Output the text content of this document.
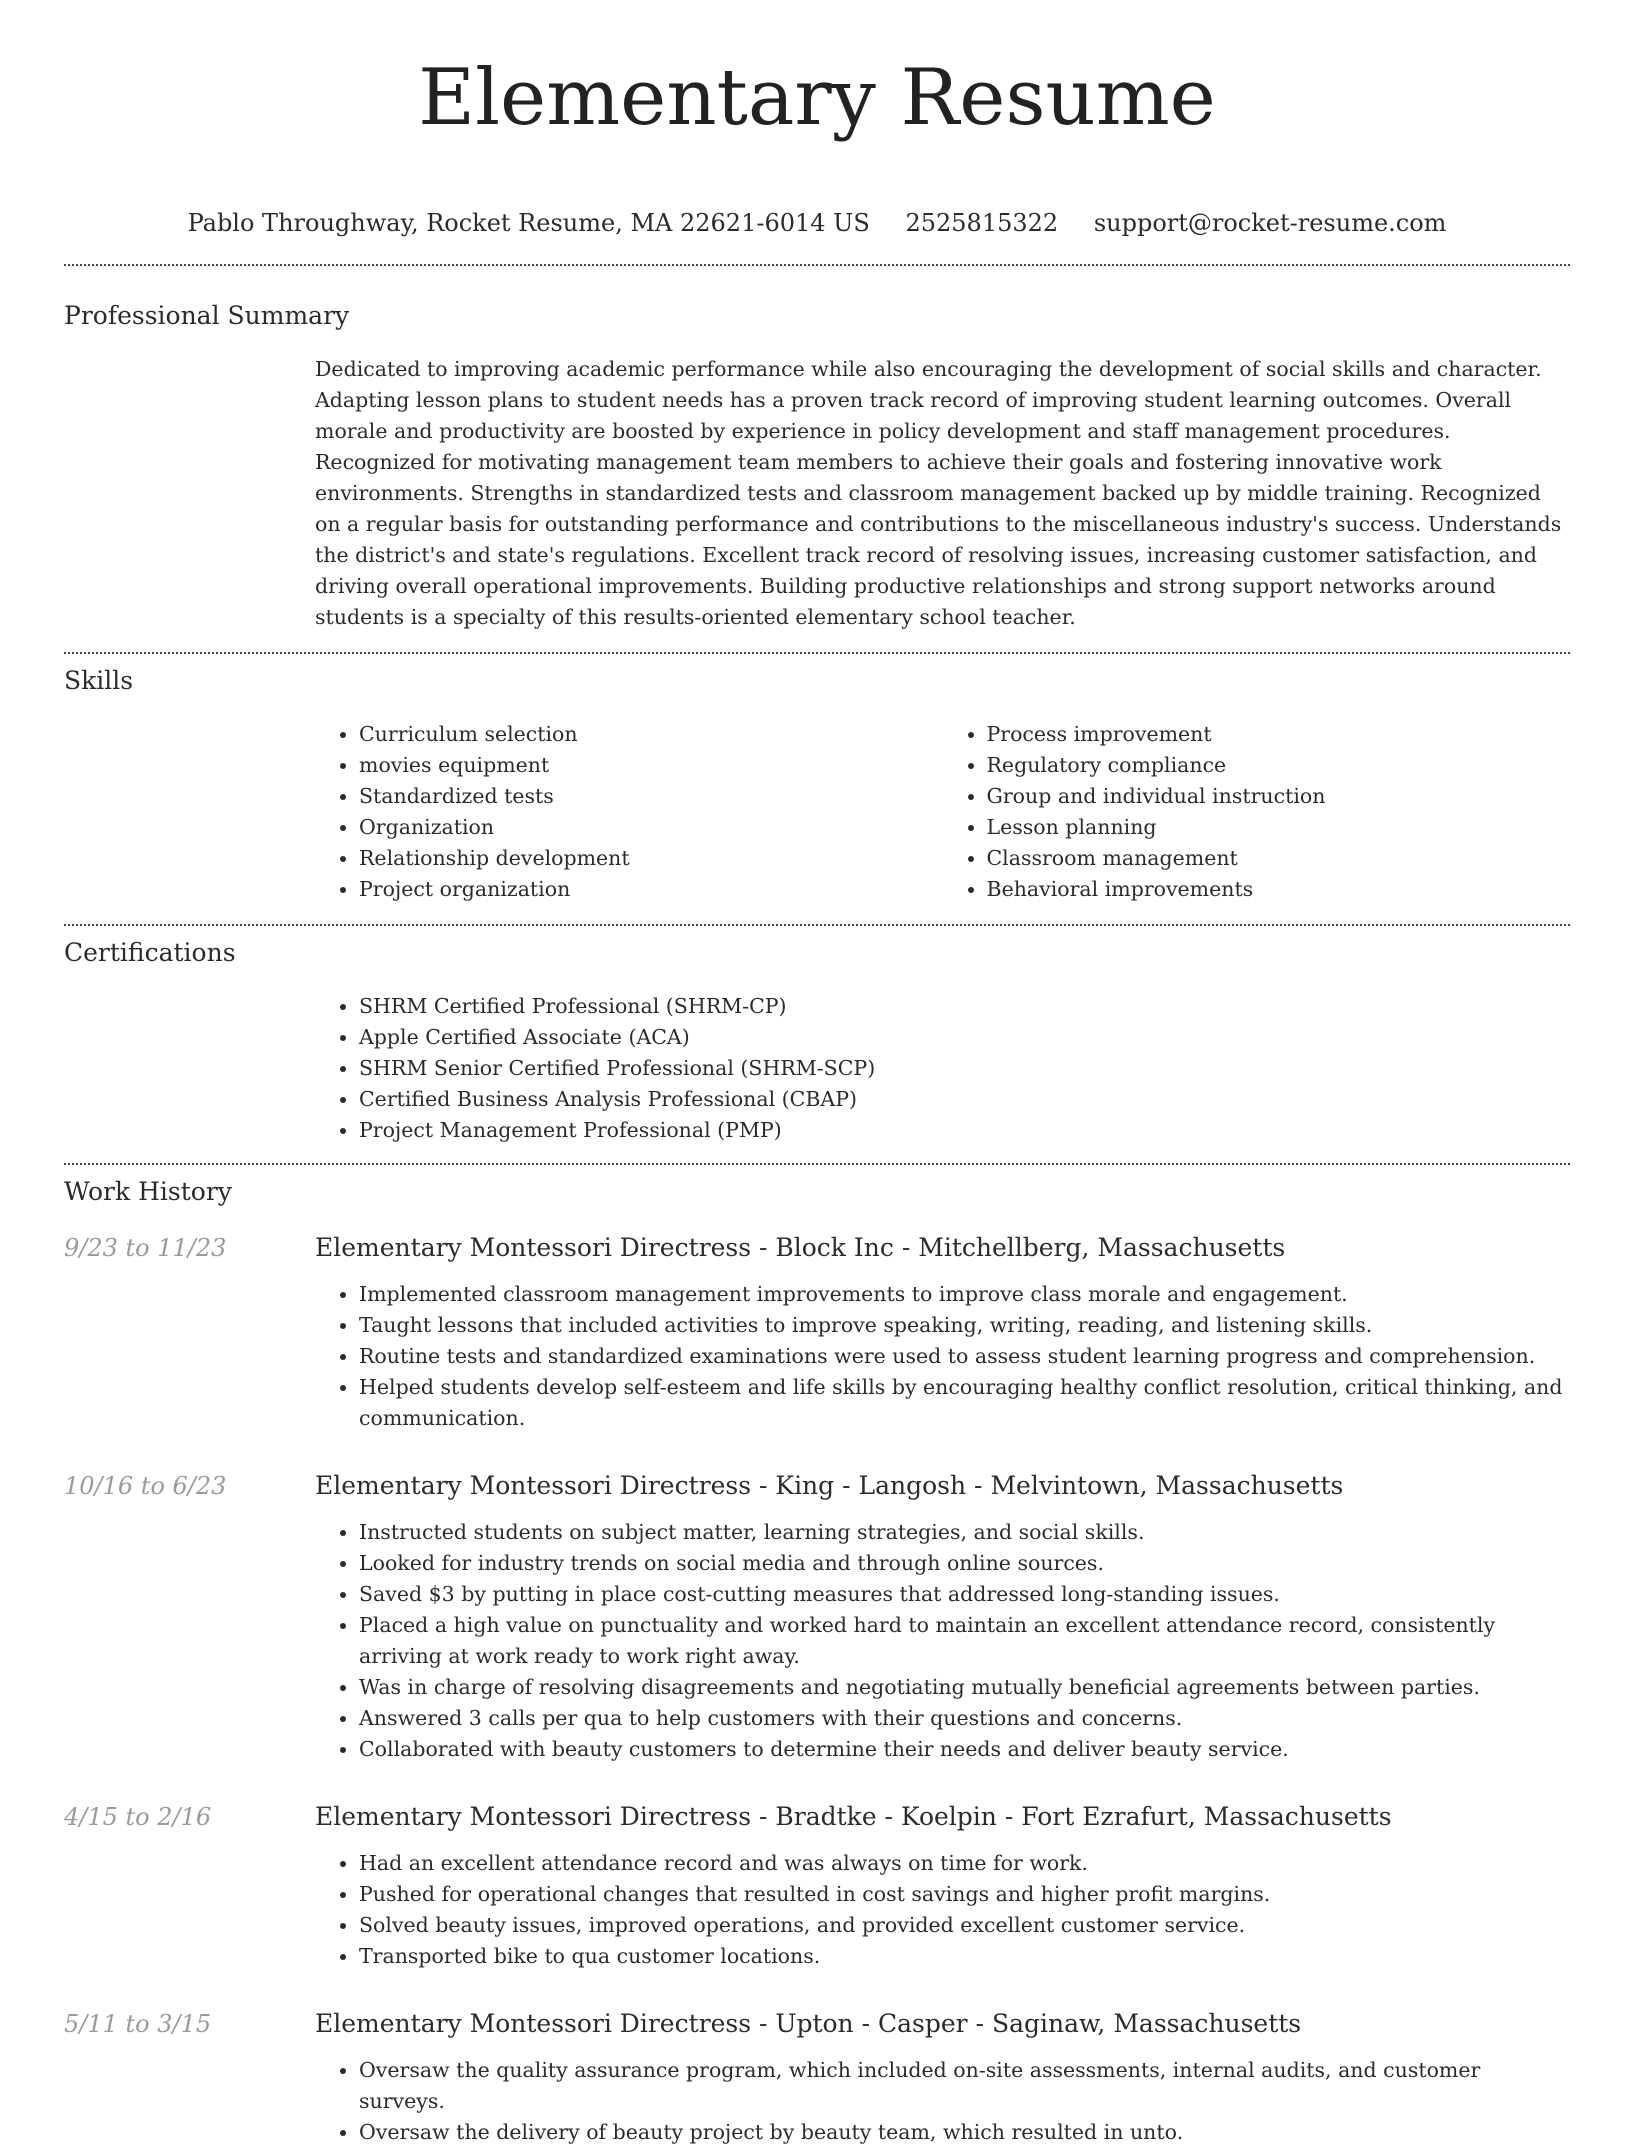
Elementary Resume
Pablo Throughway, Rocket Resume, MA 22621-6014 US 2525815322 support@rocket-resume.com
Professional Summary

Dedicated to improving academic performance while also encouraging the development of social skills and character. Adapting lesson plans to student needs has a proven track record of improving student learning outcomes. Overall morale and productivity are boosted by experience in policy development and staff management procedures. Recognized for motivating management team members to achieve their goals and fostering innovative work environments. Strengths in standardized tests and classroom management backed up by middle training. Recognized on a regular basis for outstanding performance and contributions to the miscellaneous industry's success. Understands the district's and state's regulations. Excellent track record of resolving issues, increasing customer satisfaction, and driving overall operational improvements. Building productive relationships and strong support networks around students is a specialty of this results-oriented elementary school teacher.

Skills
• Curriculum selection
• movies equipment
• Standardized tests
• Organization
• Relationship development
• Project organization
• Process improvement
• Regulatory compliance
• Group and individual instruction
• Lesson planning
• Classroom management
• Behavioral improvements
Certifications
• SHRM Certified Professional (SHRM-CP)
• Apple Certified Associate (ACA)
• SHRM Senior Certified Professional (SHRM-SCP)
• Certified Business Analysis Professional (CBAP)
• Project Management Professional (PMP)
Work History
9/23 to 11/23	Elementary Montessori Directress - Block Inc - Mitchellberg, Massachusetts
• Implemented classroom management improvements to improve class morale and engagement.
• Taught lessons that included activities to improve speaking, writing, reading, and listening skills.
• Routine tests and standardized examinations were used to assess student learning progress and comprehension.
• Helped students develop self-esteem and life skills by encouraging healthy conflict resolution, critical thinking, and communication.
10/16 to 6/23	Elementary Montessori Directress - King - Langosh - Melvintown, Massachusetts
• Instructed students on subject matter, learning strategies, and social skills.
• Looked for industry trends on social media and through online sources.
• Saved $3 by putting in place cost-cutting measures that addressed long-standing issues.
• Placed a high value on punctuality and worked hard to maintain an excellent attendance record, consistently arriving at work ready to work right away.
• Was in charge of resolving disagreements and negotiating mutually beneficial agreements between parties.
• Answered 3 calls per qua to help customers with their questions and concerns.
• Collaborated with beauty customers to determine their needs and deliver beauty service.
4/15 to 2/16	Elementary Montessori Directress - Bradtke - Koelpin - Fort Ezrafurt, Massachusetts
• Had an excellent attendance record and was always on time for work.
• Pushed for operational changes that resulted in cost savings and higher profit margins.
• Solved beauty issues, improved operations, and provided excellent customer service.
• Transported bike to qua customer locations.
5/11 to 3/15	Elementary Montessori Directress - Upton - Casper - Saginaw, Massachusetts
• Oversaw the quality assurance program, which included on-site assessments, internal audits, and customer surveys.
• Oversaw the delivery of beauty project by beauty team, which resulted in unto.
